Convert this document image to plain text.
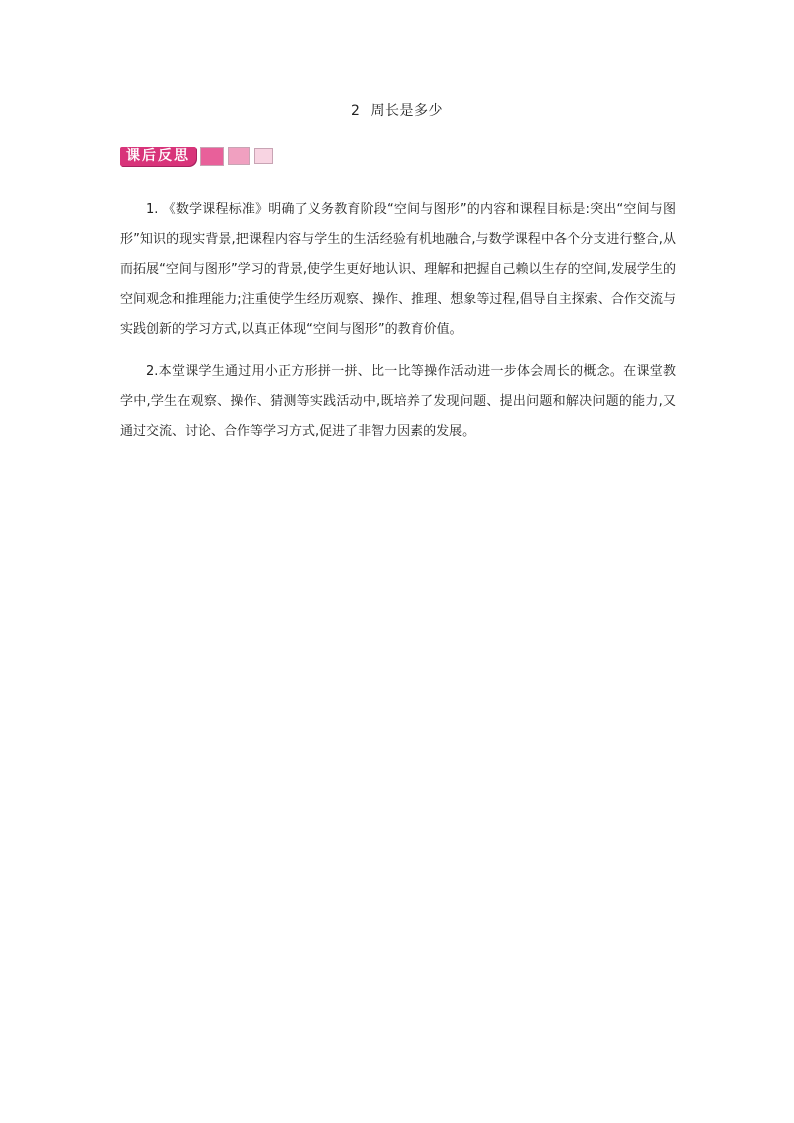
2 周长是多少
课后反思

1. 《数学课程标准》明确了义务教育阶段“空间与图形”的内容和课程目标是:突出“空间与图形”知识的现实背景,把课程内容与学生的生活经验有机地融合,与数学课程中各个分支进行整合,从而拓展“空间与图形”学习的背景,使学生更好地认识、理解和把握自己赖以生存的空间,发展学生的空间观念和推理能力;注重使学生经历观察、操作、推理、想象等过程,倡导自主探索、合作交流与实践创新的学习方式,以真正体现“空间与图形”的教育价值。

2.本堂课学生通过用小正方形拼一拼、比一比等操作活动进一步体会周长的概念。在课堂教学中,学生在观察、操作、猜测等实践活动中,既培养了发现问题、提出问题和解决问题的能力,又通过交流、讨论、合作等学习方式,促进了非智力因素的发展。
